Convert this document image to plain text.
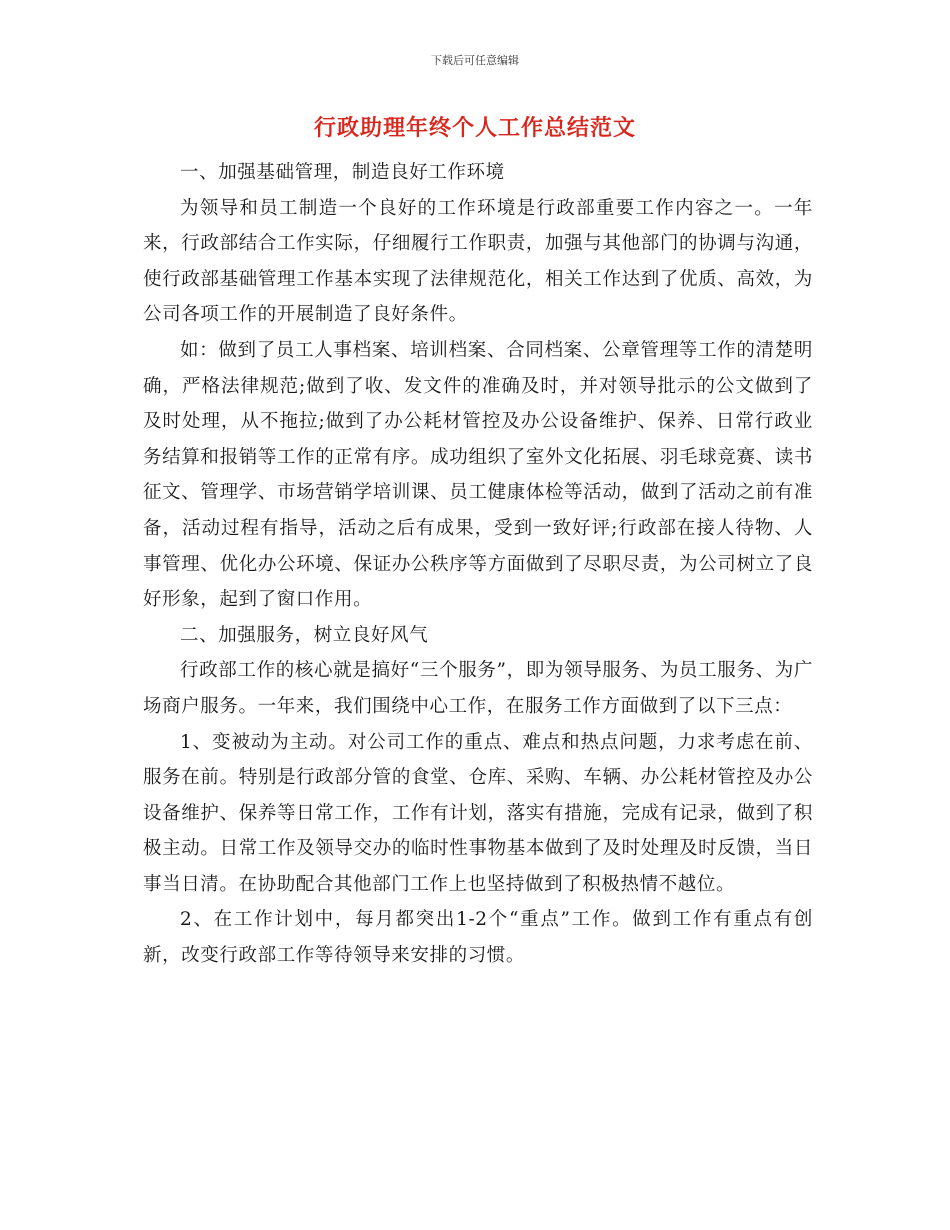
下载后可任意编辑
行政助理年终个人工作总结范文

一、加强基础管理，制造良好工作环境

为领导和员工制造一个良好的工作环境是行政部重要工作内容之一。一年来，行政部结合工作实际，仔细履行工作职责，加强与其他部门的协调与沟通，使行政部基础管理工作基本实现了法律规范化，相关工作达到了优质、高效，为公司各项工作的开展制造了良好条件。

如：做到了员工人事档案、培训档案、合同档案、公章管理等工作的清楚明确，严格法律规范;做到了收、发文件的准确及时，并对领导批示的公文做到了及时处理，从不拖拉;做到了办公耗材管控及办公设备维护、保养、日常行政业务结算和报销等工作的正常有序。成功组织了室外文化拓展、羽毛球竞赛、读书征文、管理学、市场营销学培训课、员工健康体检等活动，做到了活动之前有准备，活动过程有指导，活动之后有成果，受到一致好评;行政部在接人待物、人事管理、优化办公环境、保证办公秩序等方面做到了尽职尽责，为公司树立了良好形象，起到了窗口作用。

二、加强服务，树立良好风气

行政部工作的核心就是搞好“三个服务”，即为领导服务、为员工服务、为广场商户服务。一年来，我们围绕中心工作，在服务工作方面做到了以下三点：

1、变被动为主动。对公司工作的重点、难点和热点问题，力求考虑在前、服务在前。特别是行政部分管的食堂、仓库、采购、车辆、办公耗材管控及办公设备维护、保养等日常工作，工作有计划，落实有措施，完成有记录，做到了积极主动。日常工作及领导交办的临时性事物基本做到了及时处理及时反馈，当日事当日清。在协助配合其他部门工作上也坚持做到了积极热情不越位。

2、在工作计划中，每月都突出1-2个“重点”工作。做到工作有重点有创新，改变行政部工作等待领导来安排的习惯。
